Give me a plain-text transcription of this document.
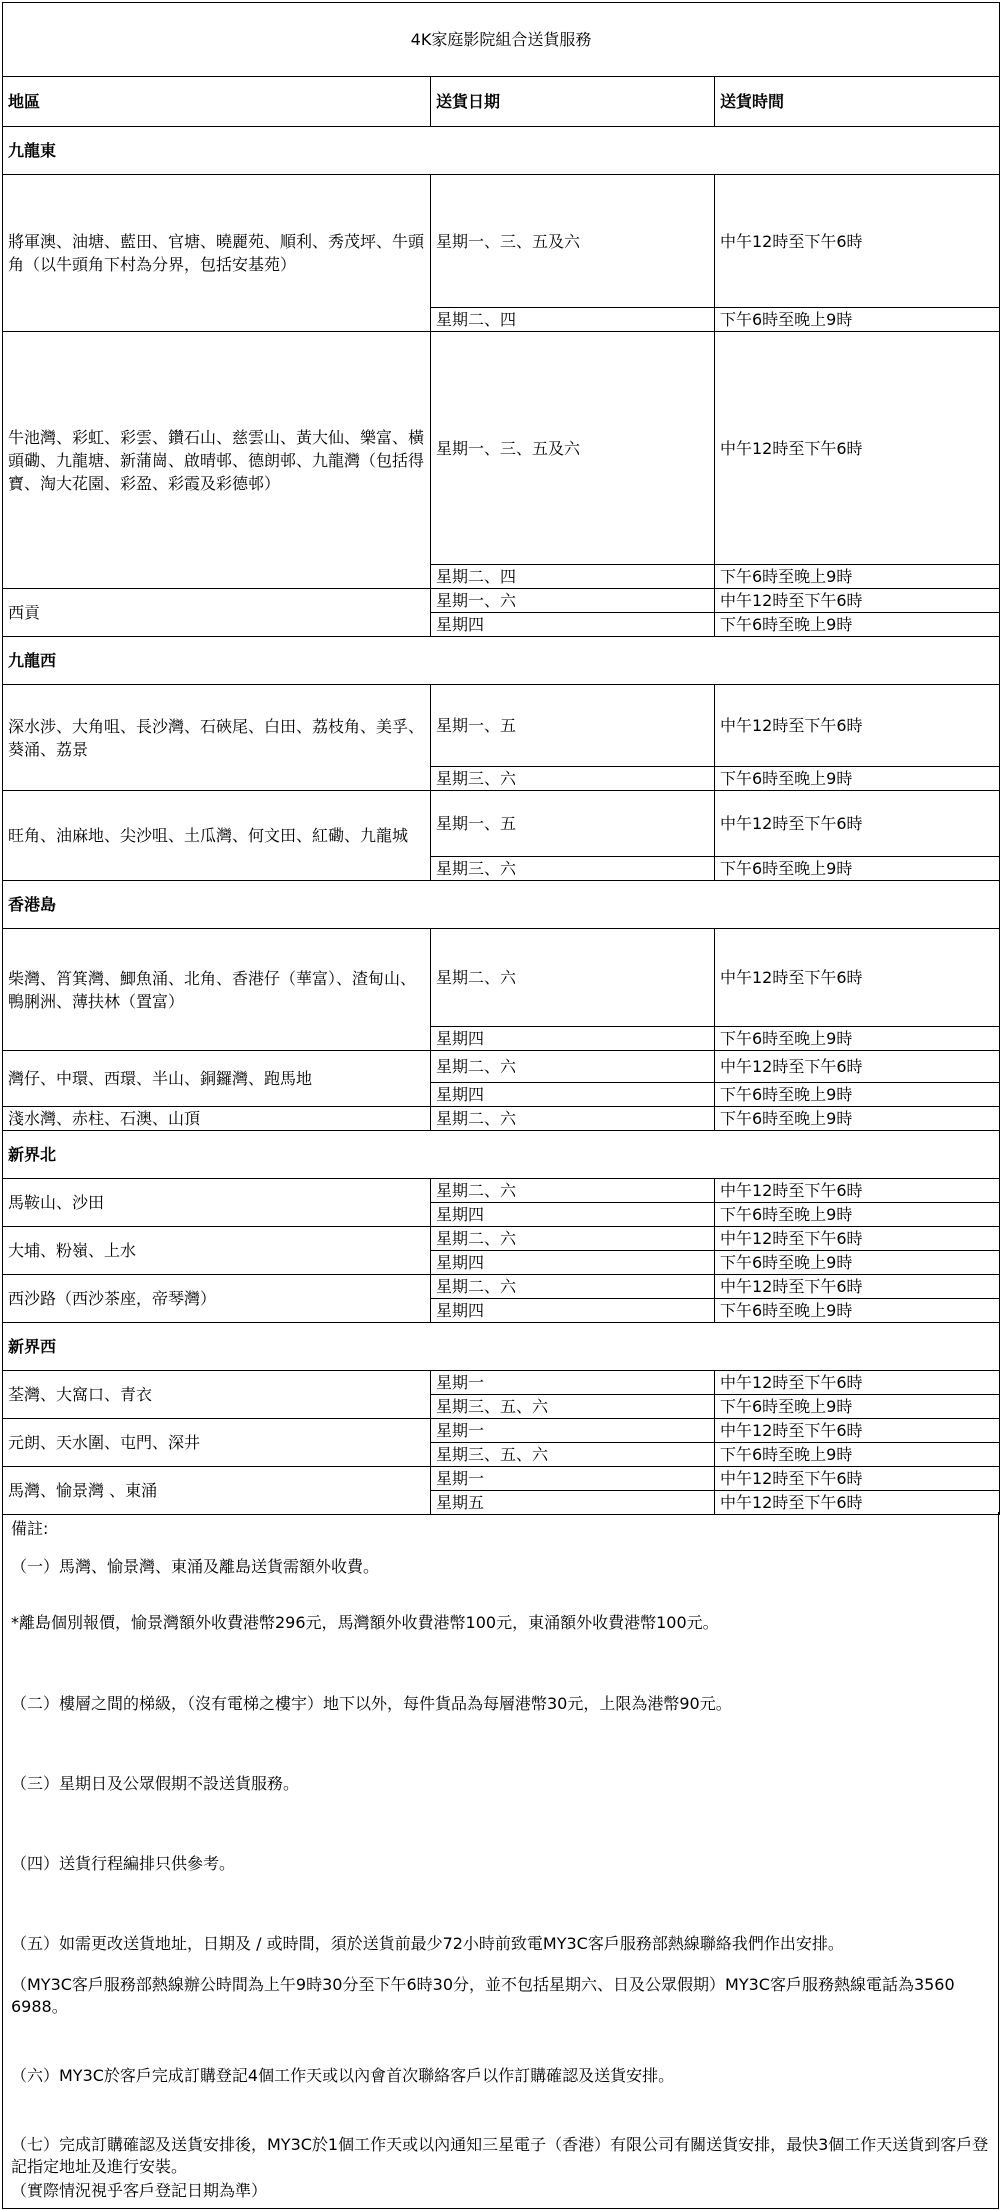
4K家庭影院組合送貨服務		
地區	送貨日期	送貨時間
九龍東		
將軍澳、油塘、藍田、官塘、曉麗苑、順利、秀茂坪、牛頭角（以牛頭角下村為分界，包括安基苑）	星期一、三、五及六	中午12時至下午6時
	星期二、四	下午6時至晚上9時
牛池灣、彩虹、彩雲、鑽石山、慈雲山、黃大仙、樂富、橫頭磡、九龍塘、新蒲崗、啟晴邨、德朗邨、九龍灣（包括得寶、淘大花園、彩盈、彩霞及彩德邨）	星期一、三、五及六	中午12時至下午6時
	星期二、四	下午6時至晚上9時
西貢	星期一、六	中午12時至下午6時
	星期四	下午6時至晚上9時
九龍西		
深水涉、大角咀、長沙灣、石硤尾、白田、荔枝角、美孚、葵涌、荔景	星期一、五	中午12時至下午6時
	星期三、六	下午6時至晚上9時
旺角、油麻地、尖沙咀、土瓜灣、何文田、紅磡、九龍城	星期一、五	中午12時至下午6時
	星期三、六	下午6時至晚上9時
香港島		
柴灣、筲箕灣、鯽魚涌、北角、香港仔（華富）、渣甸山、鴨脷洲、薄扶林（置富）	星期二、六	中午12時至下午6時
	星期四	下午6時至晚上9時
灣仔、中環、西環、半山、銅鑼灣、跑馬地	星期二、六	中午12時至下午6時
	星期四	下午6時至晚上9時
淺水灣、赤柱、石澳、山頂	星期二、六	下午6時至晚上9時
新界北		
馬鞍山、沙田	星期二、六	中午12時至下午6時
	星期四	下午6時至晚上9時
大埔、粉嶺、上水	星期二、六	中午12時至下午6時
	星期四	下午6時至晚上9時
西沙路（西沙茶座，帝琴灣）	星期二、六	中午12時至下午6時
	星期四	下午6時至晚上9時
新界西		
荃灣、大窩口、青衣	星期一	中午12時至下午6時
	星期三、五、六	下午6時至晚上9時
元朗、天水圍、屯門、深井	星期一	中午12時至下午6時
	星期三、五、六	下午6時至晚上9時
馬灣、愉景灣 、東涌	星期一	中午12時至下午6時
	星期五	中午12時至下午6時
備註:
（一）馬灣、愉景灣、東涌及離島送貨需額外收費。
*離島個別報價，愉景灣額外收費港幣296元，馬灣額外收費港幣100元，東涌額外收費港幣100元。
（二）樓層之間的梯級，（沒有電梯之樓宇）地下以外，每件貨品為每層港幣30元，上限為港幣90元。
（三）星期日及公眾假期不設送貨服務。
（四）送貨行程編排只供參考。
（五）如需更改送貨地址，日期及 / 或時間，須於送貨前最少72小時前致電MY3C客戶服務部熱線聯絡我們作出安排。
（MY3C客戶服務部熱線辦公時間為上午9時30分至下午6時30分，並不包括星期六、日及公眾假期）MY3C客戶服務熱線電話為3560 6988。
（六）MY3C於客戶完成訂購登記4個工作天或以內會首次聯絡客戶以作訂購確認及送貨安排。
（七）完成訂購確認及送貨安排後，MY3C於1個工作天或以內通知三星電子（香港）有限公司有關送貨安排，最快3個工作天送貨到客戶登記指定地址及進行安裝。
（實際情況視乎客戶登記日期為準）
